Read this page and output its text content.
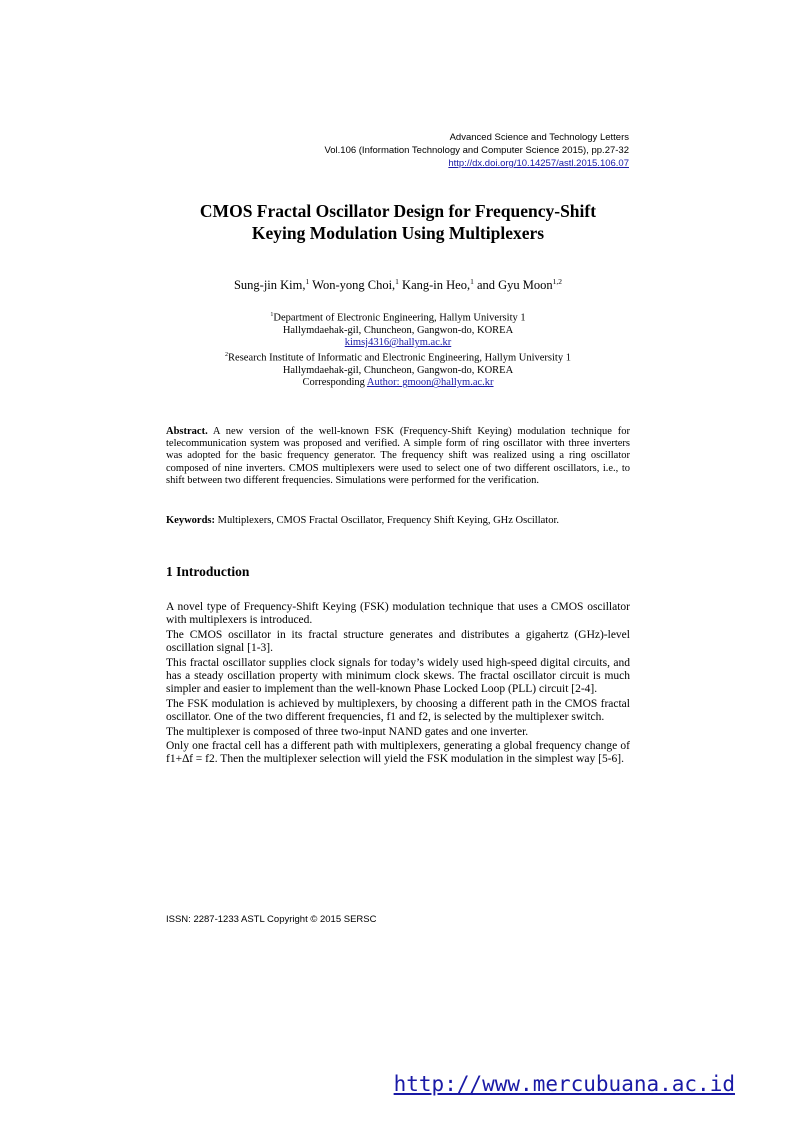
Advanced Science and Technology Letters
Vol.106 (Information Technology and Computer Science 2015), pp.27-32
http://dx.doi.org/10.14257/astl.2015.106.07
CMOS Fractal Oscillator Design for Frequency-Shift
Keying Modulation Using Multiplexers
Sung-jin Kim,$^1$ Won-yong Choi,$^1$ Kang-in Heo,$^1$ and Gyu Moon$^{1,2}$
$^1$Department of Electronic Engineering, Hallym University 1
Hallymdaehak-gil, Chuncheon, Gangwon-do, KOREA
kimsj4316@hallym.ac.kr
$^2$Research Institute of Informatic and Electronic Engineering, Hallym University 1
Hallymdaehak-gil, Chuncheon, Gangwon-do, KOREA
Corresponding Author: gmoon@hallym.ac.kr
Abstract. A new version of the well-known FSK (Frequency-Shift Keying) modulation technique for telecommunication system was proposed and verified. A simple form of ring oscillator with three inverters was adopted for the basic frequency generator. The frequency shift was realized using a ring oscillator composed of nine inverters. CMOS multiplexers were used to select one of two different oscillators, i.e., to shift between two different frequencies. Simulations were performed for the verification.
Keywords: Multiplexers, CMOS Fractal Oscillator, Frequency Shift Keying, GHz Oscillator.
1 Introduction

A novel type of Frequency-Shift Keying (FSK) modulation technique that uses a CMOS oscillator with multiplexers is introduced.

The CMOS oscillator in its fractal structure generates and distributes a gigahertz (GHz)-level oscillation signal [1-3].

This fractal oscillator supplies clock signals for today’s widely used high-speed digital circuits, and has a steady oscillation property with minimum clock skews. The fractal oscillator circuit is much simpler and easier to implement than the well-known Phase Locked Loop (PLL) circuit [2-4].

The FSK modulation is achieved by multiplexers, by choosing a different path in the CMOS fractal oscillator. One of the two different frequencies, f1 and f2, is selected by the multiplexer switch.

The multiplexer is composed of three two-input NAND gates and one inverter.

Only one fractal cell has a different path with multiplexers, generating a global frequency change of f1+∆f = f2. Then the multiplexer selection will yield the FSK modulation in the simplest way [5-6].

ISSN: 2287-1233 ASTL Copyright © 2015 SERSC
http://www.mercubuana.ac.id
